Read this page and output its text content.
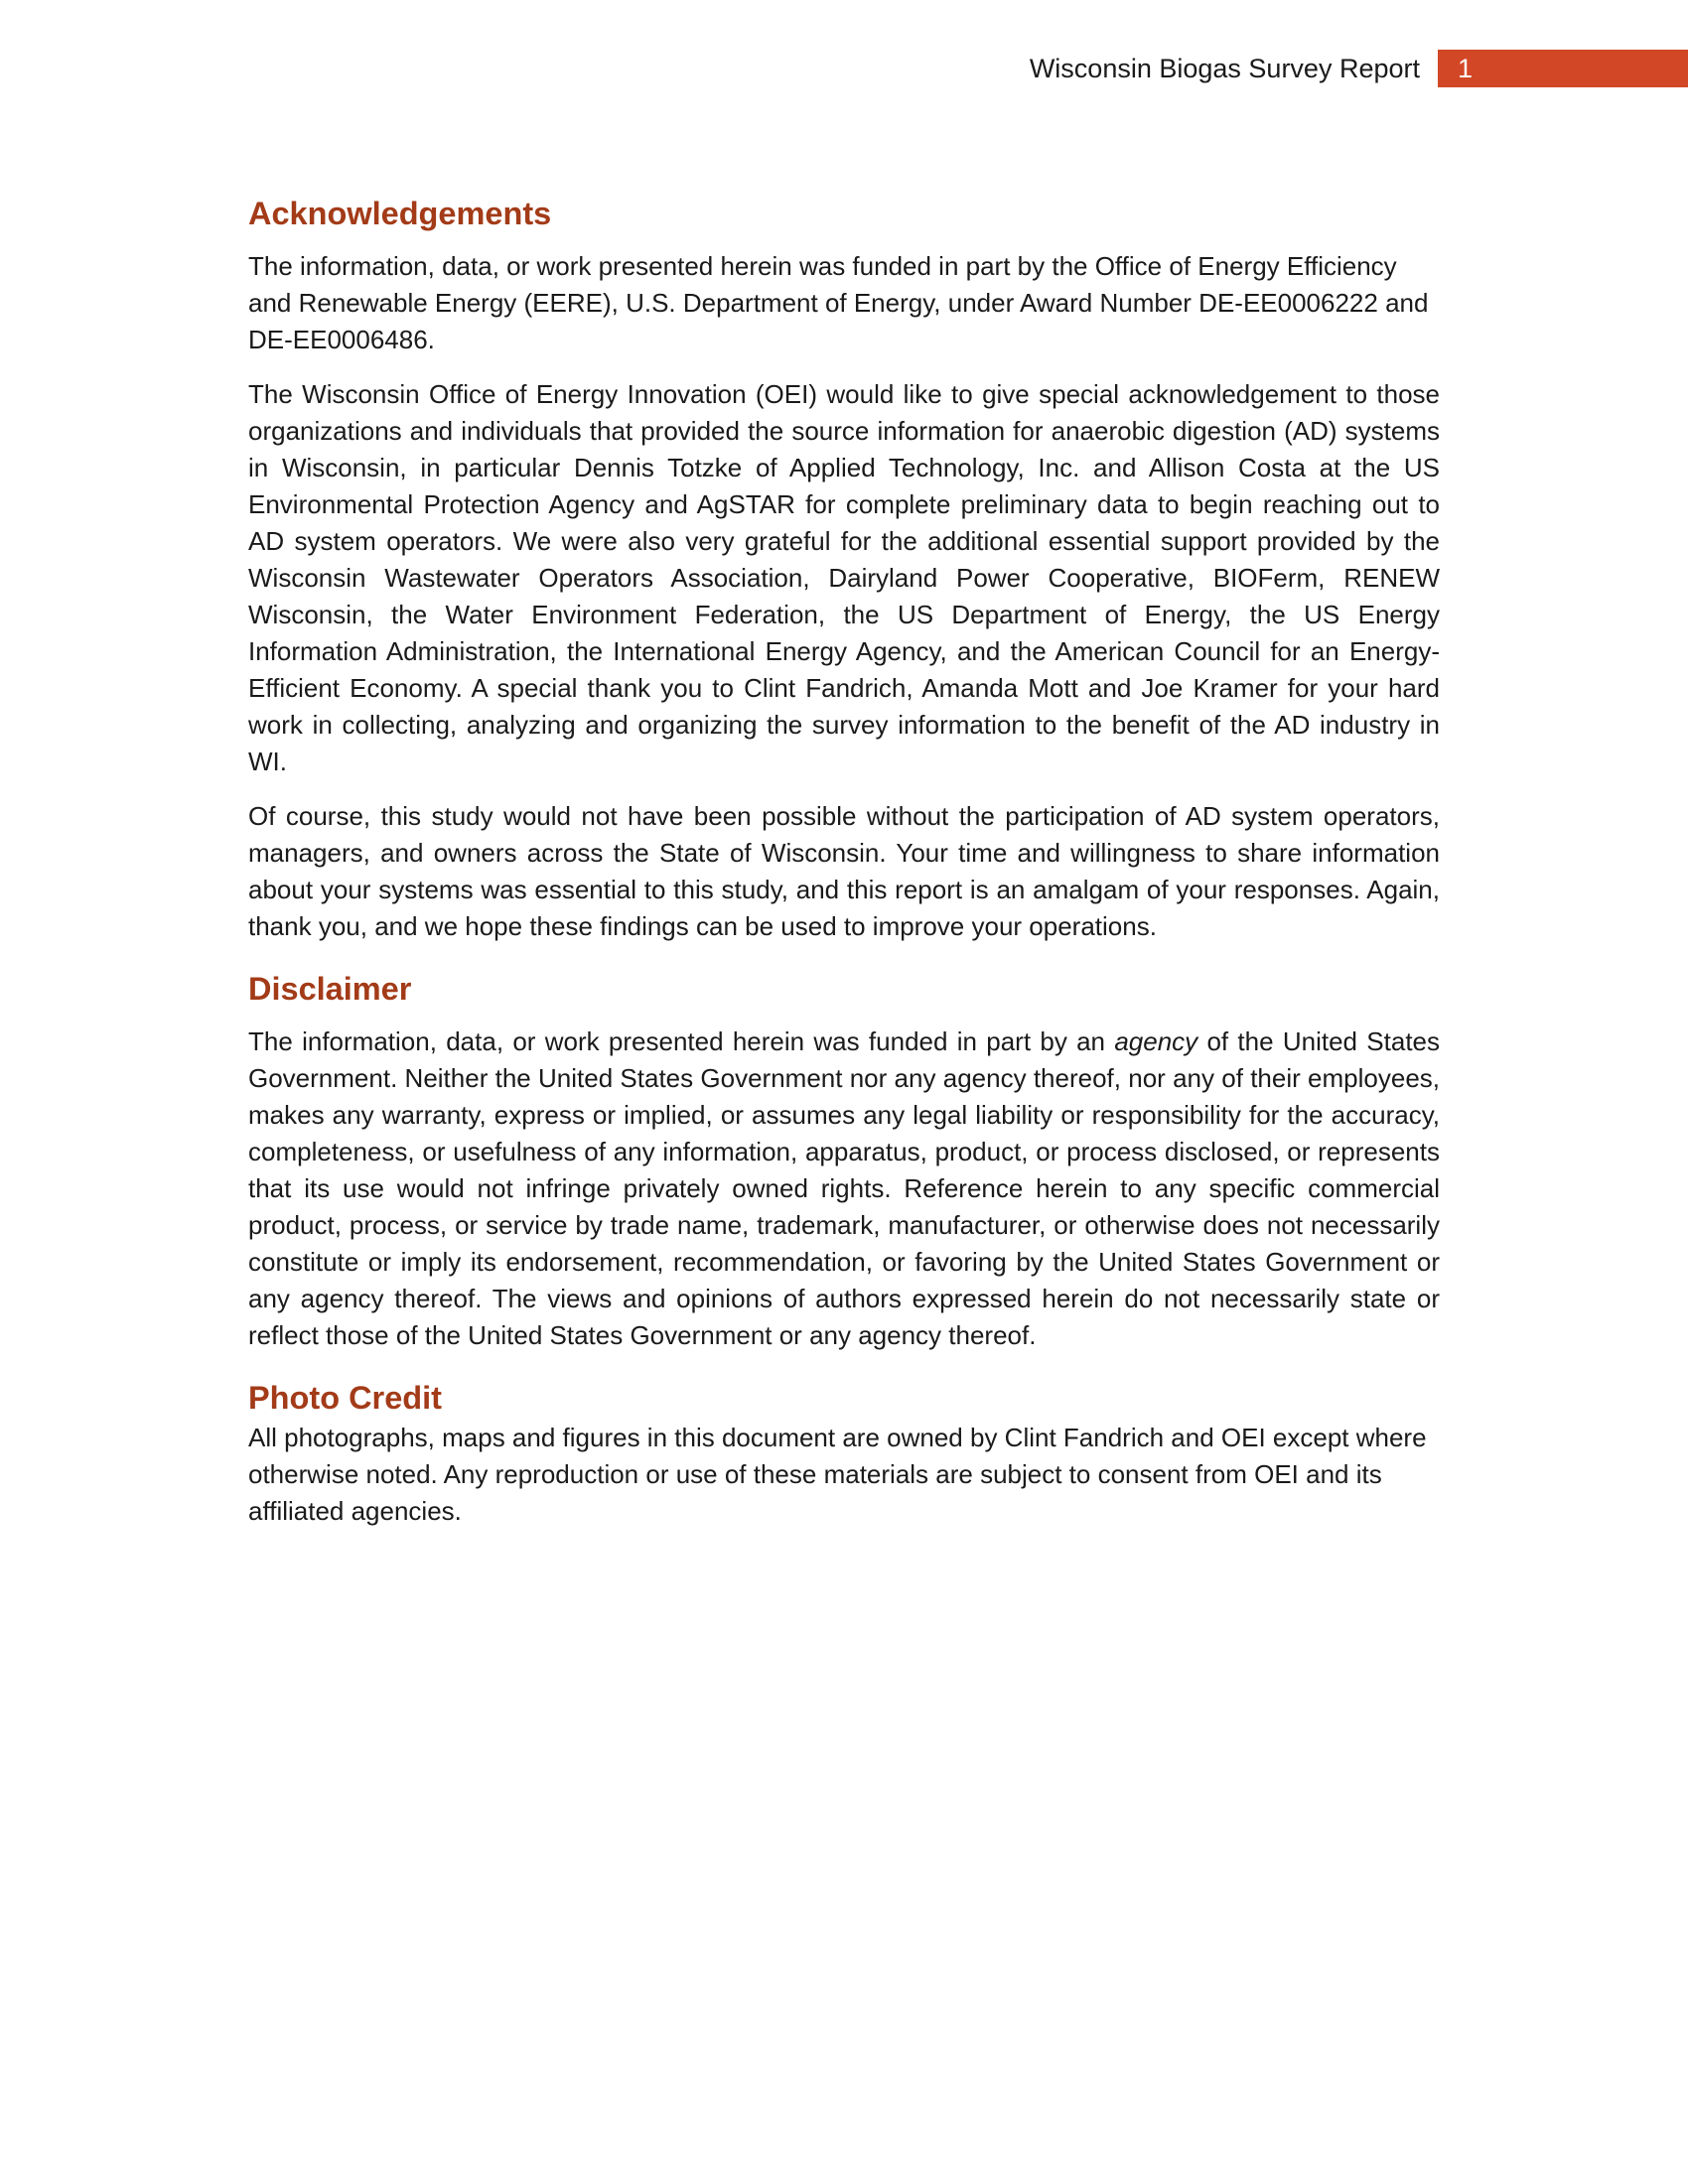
Wisconsin Biogas Survey Report 1
Acknowledgements

The information, data, or work presented herein was funded in part by the Office of Energy Efficiency and Renewable Energy (EERE), U.S. Department of Energy, under Award Number DE-EE0006222 and DE-EE0006486.

The Wisconsin Office of Energy Innovation (OEI) would like to give special acknowledgement to those organizations and individuals that provided the source information for anaerobic digestion (AD) systems in Wisconsin, in particular Dennis Totzke of Applied Technology, Inc. and Allison Costa at the US Environmental Protection Agency and AgSTAR for complete preliminary data to begin reaching out to AD system operators. We were also very grateful for the additional essential support provided by the Wisconsin Wastewater Operators Association, Dairyland Power Cooperative, BIOFerm, RENEW Wisconsin, the Water Environment Federation, the US Department of Energy, the US Energy Information Administration, the International Energy Agency, and the American Council for an Energy-Efficient Economy. A special thank you to Clint Fandrich, Amanda Mott and Joe Kramer for your hard work in collecting, analyzing and organizing the survey information to the benefit of the AD industry in WI.

Of course, this study would not have been possible without the participation of AD system operators, managers, and owners across the State of Wisconsin. Your time and willingness to share information about your systems was essential to this study, and this report is an amalgam of your responses. Again, thank you, and we hope these findings can be used to improve your operations.

Disclaimer

The information, data, or work presented herein was funded in part by an agency of the United States Government. Neither the United States Government nor any agency thereof, nor any of their employees, makes any warranty, express or implied, or assumes any legal liability or responsibility for the accuracy, completeness, or usefulness of any information, apparatus, product, or process disclosed, or represents that its use would not infringe privately owned rights. Reference herein to any specific commercial product, process, or service by trade name, trademark, manufacturer, or otherwise does not necessarily constitute or imply its endorsement, recommendation, or favoring by the United States Government or any agency thereof. The views and opinions of authors expressed herein do not necessarily state or reflect those of the United States Government or any agency thereof.

Photo Credit

All photographs, maps and figures in this document are owned by Clint Fandrich and OEI except where otherwise noted. Any reproduction or use of these materials are subject to consent from OEI and its affiliated agencies.
